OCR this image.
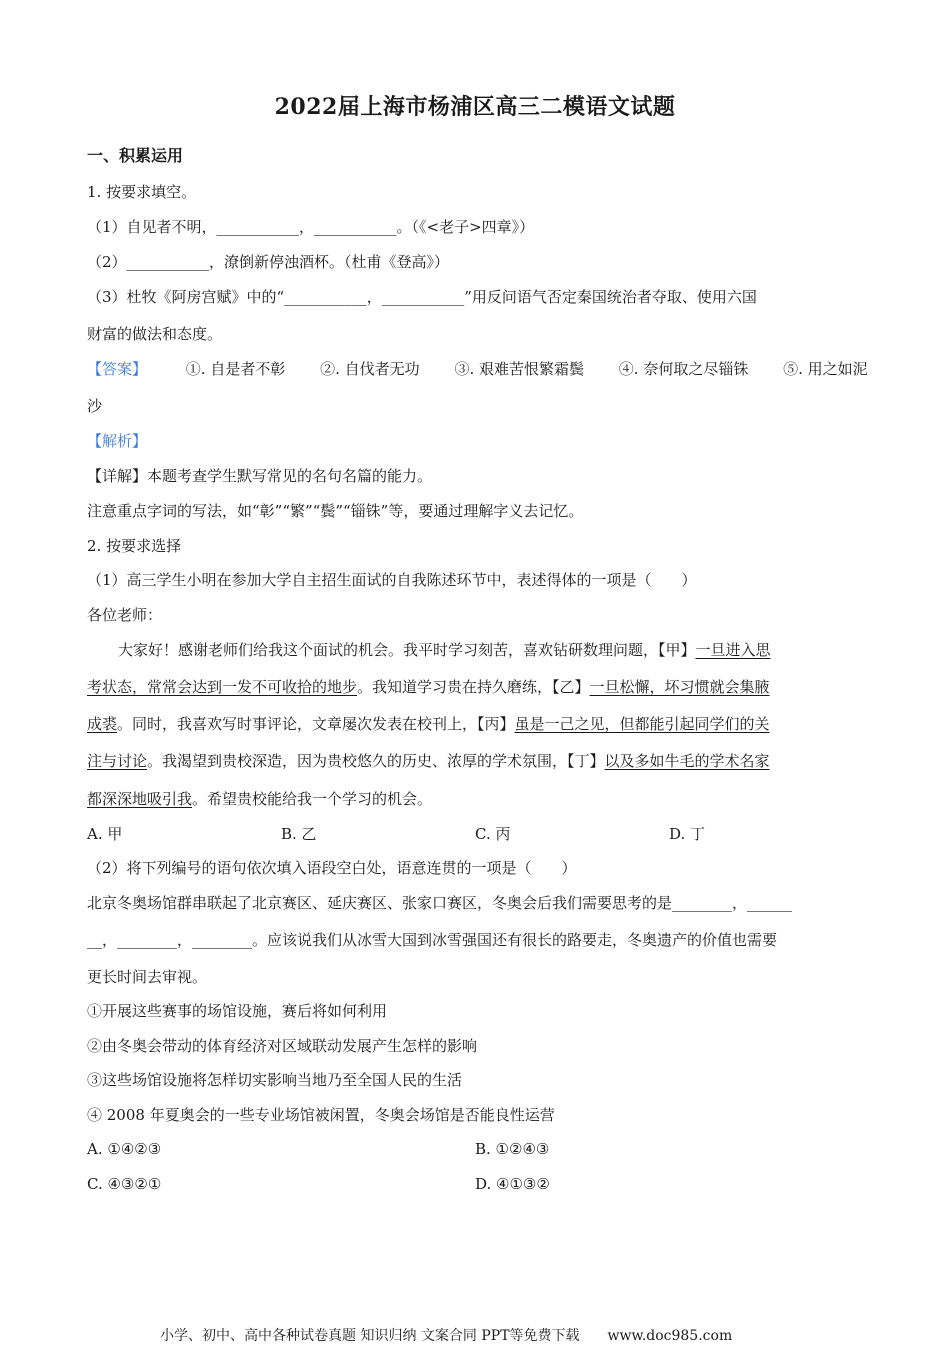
2022届上海市杨浦区高三二模语文试题
一、积累运用
1. 按要求填空。
（1）自见者不明，___________，___________。（《<老子>四章》）
（2）___________，潦倒新停浊酒杯。（杜甫《登高》）
（3）杜牧《阿房宫赋》中的“___________，___________”用反问语气否定秦国统治者夺取、使用六国
财富的做法和态度。
【答案】	①. 自是者不彰 ②. 自伐者无功 ③. 艰难苦恨繁霜鬓 ④. 奈何取之尽锱铢 ⑤. 用之如泥
沙
【解析】
【详解】本题考查学生默写常见的名句名篇的能力。
注意重点字词的写法，如“彰”“繁”“鬓”“锱铢”等，要通过理解字义去记忆。
2. 按要求选择
（1）高三学生小明在参加大学自主招生面试的自我陈述环节中，表述得体的一项是（　　）
各位老师：
大家好！感谢老师们给我这个面试的机会。我平时学习刻苦，喜欢钻研数理问题，【甲】一旦进入思
考状态，常常会达到一发不可收拾的地步。我知道学习贵在持久磨练，【乙】一旦松懈，坏习惯就会集腋
成裘。同时，我喜欢写时事评论，文章屡次发表在校刊上，【丙】虽是一己之见，但都能引起同学们的关
注与讨论。我渴望到贵校深造，因为贵校悠久的历史、浓厚的学术氛围，【丁】以及多如牛毛的学术名家
都深深地吸引我。希望贵校能给我一个学习的机会。
A. 甲	B. 乙	C. 丙	D. 丁
（2）将下列编号的语句依次填入语段空白处，语意连贯的一项是（　　）
北京冬奥场馆群串联起了北京赛区、延庆赛区、张家口赛区，冬奥会后我们需要思考的是________，______
__，________，________。应该说我们从冰雪大国到冰雪强国还有很长的路要走，冬奥遗产的价值也需要
更长时间去审视。
①开展这些赛事的场馆设施，赛后将如何利用
②由冬奥会带动的体育经济对区域联动发展产生怎样的影响
③这些场馆设施将怎样切实影响当地乃至全国人民的生活
④ 2008 年夏奥会的一些专业场馆被闲置，冬奥会场馆是否能良性运营
A. ①④②③	B. ①②④③
C. ④③②①	D. ④①③②
小学、初中、高中各种试卷真题 知识归纳 文案合同 PPT等免费下载　　www.doc985.com
